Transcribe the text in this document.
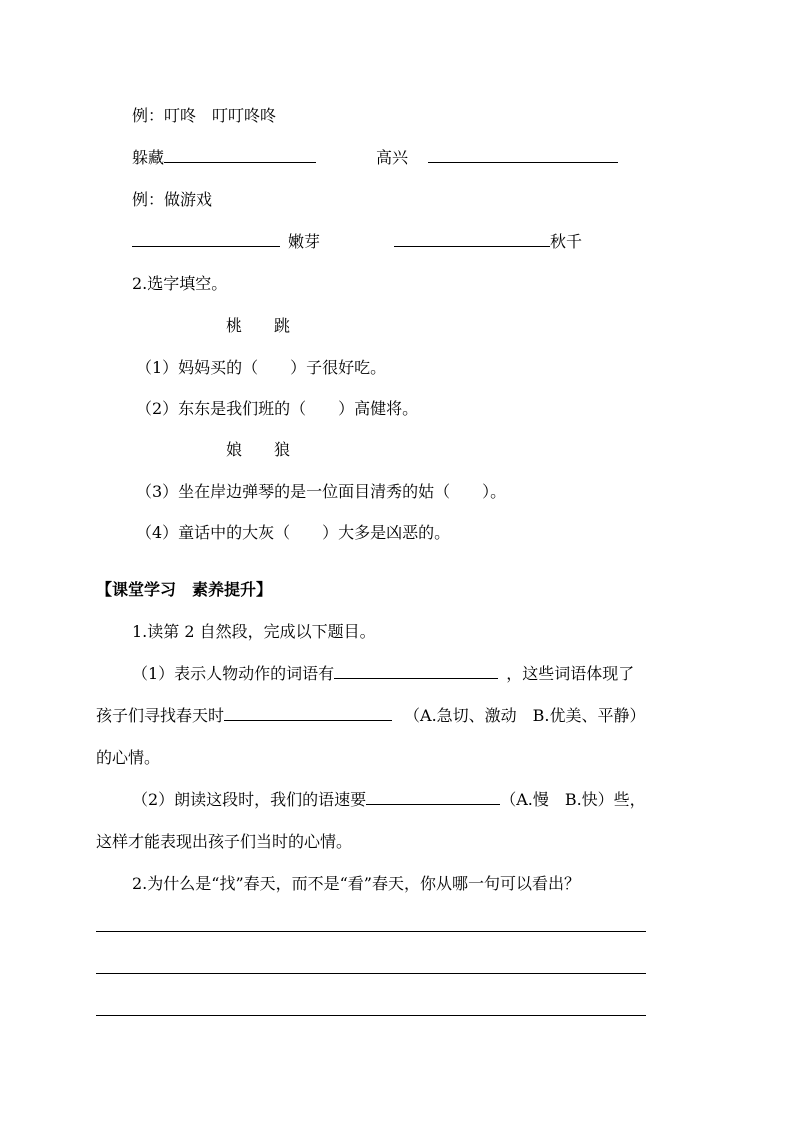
例：叮咚　叮叮咚咚
躲藏	高兴
例：做游戏
嫩芽	秋千
2.选字填空。
桃　　跳
（1）妈妈买的（　　）子很好吃。
（2）东东是我们班的（　　）高健将。
娘　　狼
（3）坐在岸边弹琴的是一位面目清秀的姑（　　）。
（4）童话中的大灰（　　）大多是凶恶的。
【课堂学习　素养提升】
1.读第 2 自然段，完成以下题目。
（1）表示人物动作的词语有	，这些词语体现了
孩子们寻找春天时	（A.急切、激动　B.优美、平静）
的心情。
（2）朗读这段时，我们的语速要	（A.慢　B.快）些，
这样才能表现出孩子们当时的心情。
2.为什么是“找”春天，而不是“看”春天，你从哪一句可以看出？
